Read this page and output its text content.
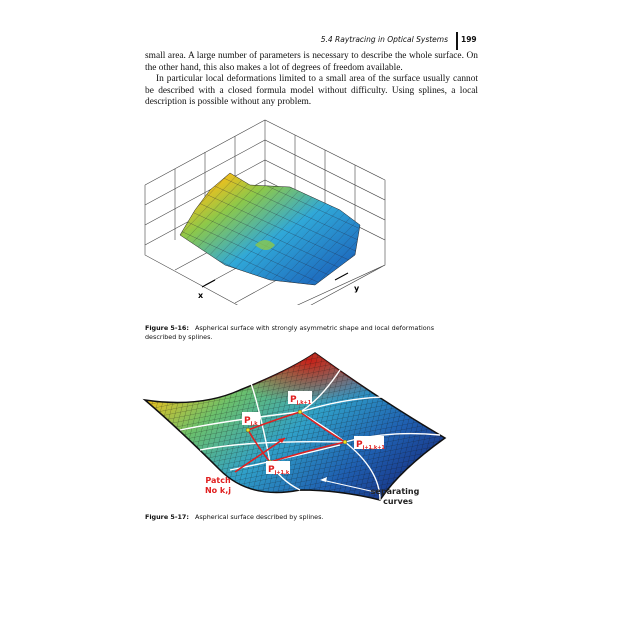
5.4 Raytracing in Optical Systems 199

small area. A large number of parameters is necessary to describe the whole surface. On the other hand, this also makes a lot of degrees of freedom available.

In particular local deformations limited to a small area of the surface usually cannot be described with a closed formula model without difficulty. Using splines, a local description is possible without any problem.

x
y
Figure 5-16: Aspherical surface with strongly asymmetric shape and local deformations described by splines.
$P_{j,k}$
$P_{j,k+1}$
$P_{j+1,k+1}$
$P_{j+1,k}$
Patch
No k,j	separating
curves
Figure 5-17: Aspherical surface described by splines.
